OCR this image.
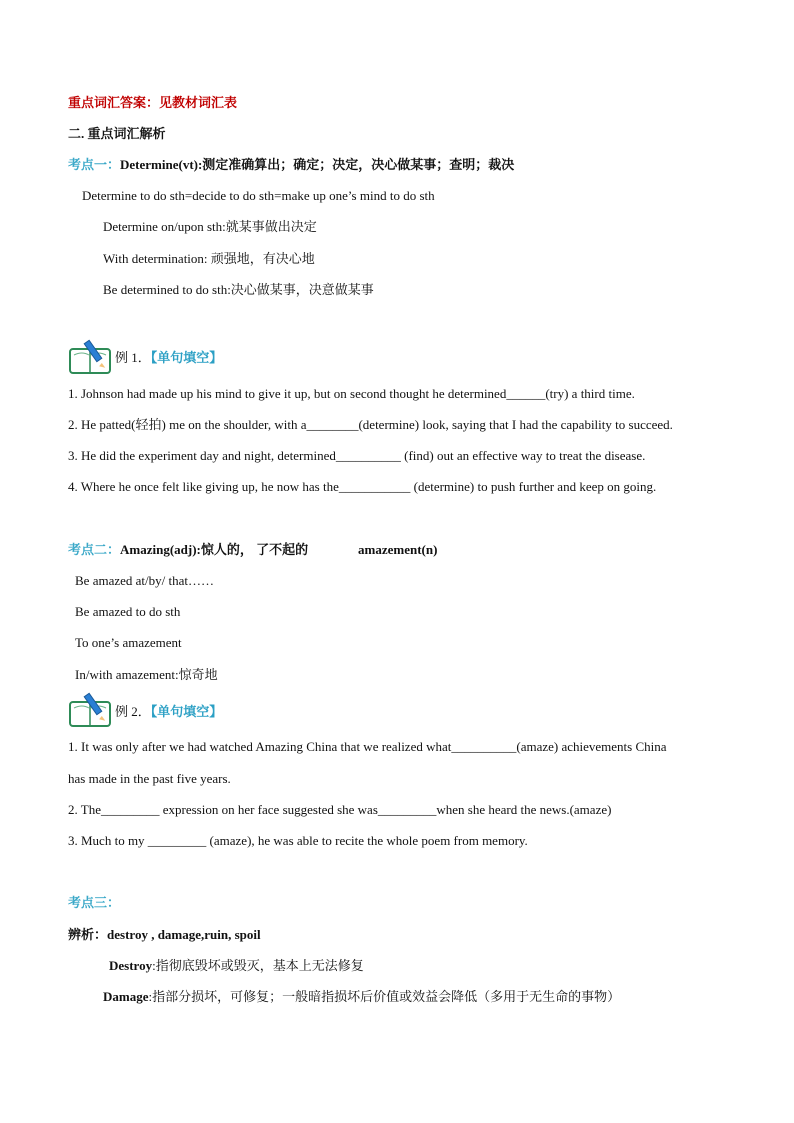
重点词汇答案：见教材词汇表
二. 重点词汇解析
考点一：Determine(vt):测定准确算出；确定；决定，决心做某事；查明；裁决
Determine to do sth=decide to do sth=make up one’s mind to do sth
Determine on/upon sth:就某事做出决定
With determination: 顽强地，有决心地
Be determined to do sth:决心做某事，决意做某事
例 1．【单句填空】
1. Johnson had made up his mind to give it up, but on second thought he determined______(try) a third time.
2. He patted(轻拍) me on the shoulder, with a________(determine) look, saying that I had the capability to succeed.
3. He did the experiment day and night, determined__________ (find) out an effective way to treat the disease.
4. Where he once felt like giving up, he now has the___________ (determine) to push further and keep on going.
考点二：Amazing(adj):惊人的， 了不起的	amazement(n)
Be amazed at/by/ that……
Be amazed to do sth
To one’s amazement
In/with amazement:惊奇地
例 2．【单句填空】
1. It was only after we had watched Amazing China that we realized what__________(amaze) achievements China
has made in the past five years.
2. The_________ expression on her face suggested she was_________when she heard the news.(amaze)
3. Much to my _________ (amaze), he was able to recite the whole poem from memory.
考点三：
辨析：destroy , damage,ruin, spoil
Destroy:指彻底毁坏或毁灭，基本上无法修复
Damage:指部分损坏，可修复；一般暗指损坏后价值或效益会降低（多用于无生命的事物）
